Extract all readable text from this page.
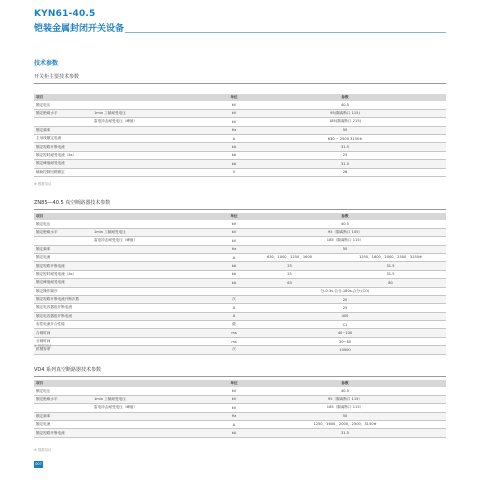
KYN61-40.5
铠装金属封闭开关设备
技术参数
开关柜主要技术参数
项目		单位	参数
额定电压		kV	40.5
额定绝缘水平	1min 工频耐受电压	kV	95(隔离断口 115)
	雷电冲击耐受电压（峰值）	kV	185(隔离断口 215)
额定频率		Hz	50
主母线额定电流		A	630 ~ 2500 3150※
额定短路开断电流		kA	31.5
额定短时耐受电流（4s）		kA	25
额定峰值耐受电流		kA	31.5
辅助控制回路额定		V	26
※ 按需另议
ZN85—40.5 真空断路器技术参数
项目		单位	参数	
额定电压		kV	40.5	
额定绝缘水平	1min 工频耐受电压	kV	95（隔离断口 105）	
	雷电冲击耐受电压（峰值）	kV	185（隔离断口 115）	
额定频率		Hz	50	
额定电流		A	630、1000、1250、1600	1250、1600、2000、2500、3150※
额定短路开断电流		kA	25	31.5
额定短时耐受电流（4s）		kA	25	31.5
额定峰值耐受电流		kA	63	80
额定操作顺序			分-0.3s-合分-180s-合分 (CO)	
额定短路开断电流开断次数		次	20	
额定电容器组开断电流		A	25	
额定电容器组开断电流		A	400	
容性电流开合性能		级	C1	
合闸时间		ms	40~100	
分闸时间		ms	30~60	
机械寿命		次	10000	
※ 按需另议
VD4 系列真空断路器技术参数
项目		单位	参数
额定电压		kV	40.5
额定绝缘水平	1min 工频耐受电压	kV	95（隔离断口 115）
	雷电冲击耐受电压（峰值）	kV	185（隔离断口 115）
额定频率		Hz	50
额定电流		A	1250、1600、2000、2500、3150※
额定短路开断电流		kA	31.5
※ 按需另议
007
